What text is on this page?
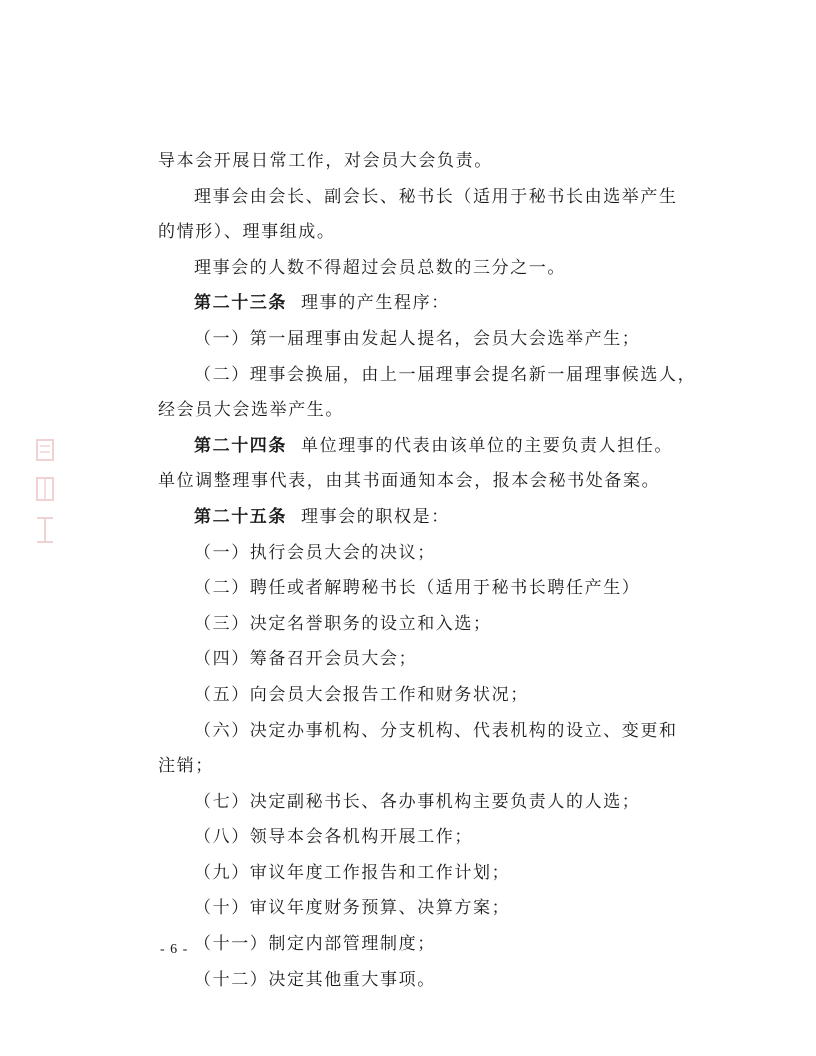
导本会开展日常工作，对会员大会负责。
理事会由会长、副会长、秘书长（适用于秘书长由选举产生
的情形）、理事组成。
理事会的人数不得超过会员总数的三分之一。
第二十三条 理事的产生程序：
（一）第一届理事由发起人提名，会员大会选举产生；
（二）理事会换届，由上一届理事会提名新一届理事候选人，
经会员大会选举产生。
第二十四条 单位理事的代表由该单位的主要负责人担任。
单位调整理事代表，由其书面通知本会，报本会秘书处备案。
第二十五条 理事会的职权是：
（一）执行会员大会的决议；
（二）聘任或者解聘秘书长（适用于秘书长聘任产生）
（三）决定名誉职务的设立和入选；
（四）筹备召开会员大会；
（五）向会员大会报告工作和财务状况；
（六）决定办事机构、分支机构、代表机构的设立、变更和
注销；
（七）决定副秘书长、各办事机构主要负责人的人选；
（八）领导本会各机构开展工作；
（九）审议年度工作报告和工作计划；
（十）审议年度财务预算、决算方案；
（十一）制定内部管理制度；
（十二）决定其他重大事项。
- 6 -
